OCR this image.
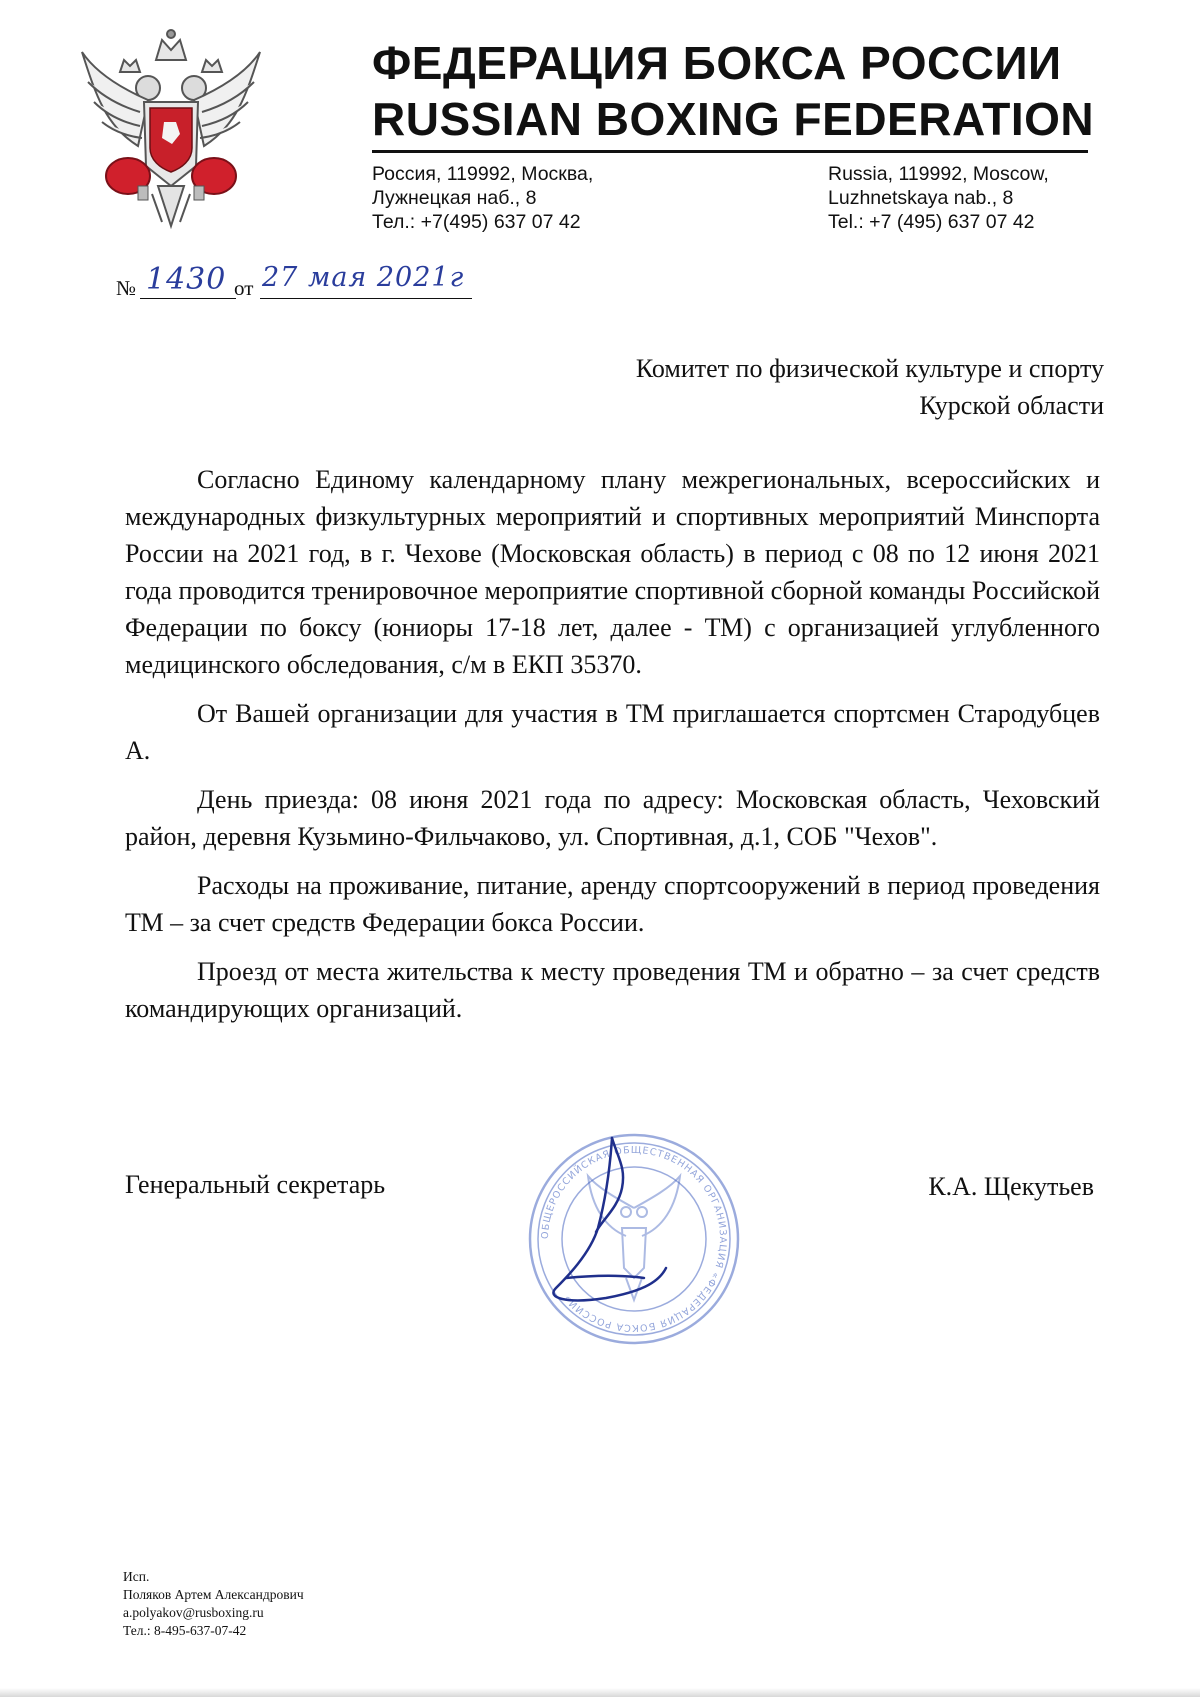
ФЕДЕРАЦИЯ БОКСА РОССИИ
RUSSIAN BOXING FEDERATION
Россия, 119992, Москва,
Лужнецкая наб., 8
Тел.: +7(495) 637 07 42
Russia, 119992, Moscow,
Luzhnetskaya nab., 8
Tel.: +7 (495) 637 07 42
№ 1430 от 27 мая 2021г
Комитет по физической культуре и спорту
Курской области

Согласно Единому календарному плану межрегиональных, всероссийских и международных физкультурных мероприятий и спортивных мероприятий Минспорта России на 2021 год, в г. Чехове (Московская область) в период с 08 по 12 июня 2021 года проводится тренировочное мероприятие спортивной сборной команды Российской Федерации по боксу (юниоры 17-18 лет, далее - ТМ) с организацией углубленного медицинского обследования, с/м в ЕКП 35370.

От Вашей организации для участия в ТМ приглашается спортсмен Стародубцев А.

День приезда: 08 июня 2021 года по адресу: Московская область, Чеховский район, деревня Кузьмино-Фильчаково, ул. Спортивная, д.1, СОБ "Чехов".

Расходы на проживание, питание, аренду спортсооружений в период проведения ТМ – за счет средств Федерации бокса России.

Проезд от места жительства к месту проведения ТМ и обратно – за счет средств командирующих организаций.

Генеральный секретарь	К.А. Щекутьев
ОБЩЕРОССИЙСКАЯ ОБЩЕСТВЕННАЯ ОРГАНИЗАЦИЯ «ФЕДЕРАЦИЯ БОКСА РОССИИ»
Исп.
Поляков Артем Александрович
a.polyakov@rusboxing.ru
Тел.: 8-495-637-07-42
